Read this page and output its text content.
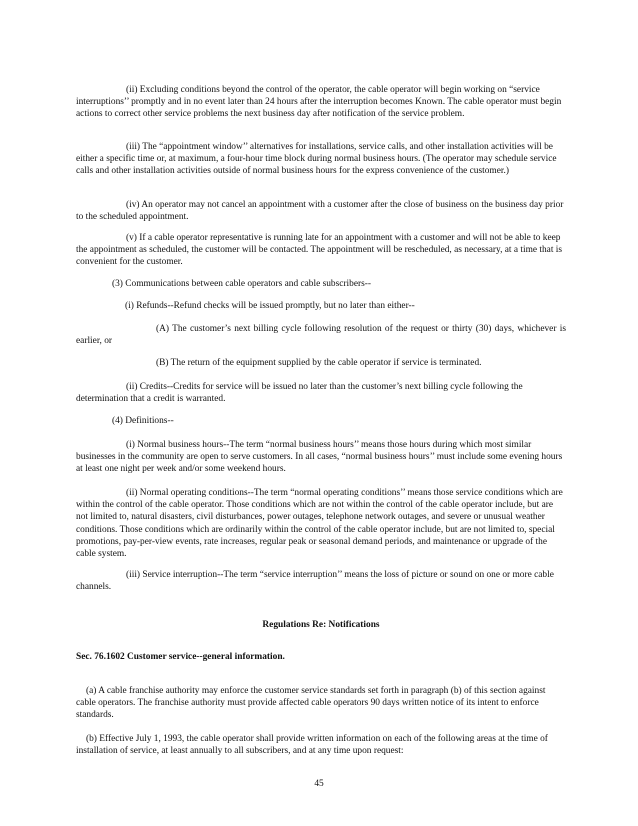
(ii) Excluding conditions beyond the control of the operator, the cable operator will begin working on “service interruptions’’ promptly and in no event later than 24 hours after the interruption becomes Known. The cable operator must begin actions to correct other service problems the next business day after notification of the service problem.

(iii) The “appointment window’’ alternatives for installations, service calls, and other installation activities will be either a specific time or, at maximum, a four-hour time block during normal business hours. (The operator may schedule service calls and other installation activities outside of normal business hours for the express convenience of the customer.)

(iv) An operator may not cancel an appointment with a customer after the close of business on the business day prior to the scheduled appointment.

(v) If a cable operator representative is running late for an appointment with a customer and will not be able to keep the appointment as scheduled, the customer will be contacted. The appointment will be rescheduled, as necessary, at a time that is convenient for the customer.

(3) Communications between cable operators and cable subscribers--

(i) Refunds--Refund checks will be issued promptly, but no later than either--

(A) The customer’s next billing cycle following resolution of the request or thirty (30) days, whichever is earlier, or

(B) The return of the equipment supplied by the cable operator if service is terminated.

(ii) Credits--Credits for service will be issued no later than the customer’s next billing cycle following the determination that a credit is warranted.

(4) Definitions--

(i) Normal business hours--The term “normal business hours’’ means those hours during which most similar businesses in the community are open to serve customers. In all cases, “normal business hours’’ must include some evening hours at least one night per week and/or some weekend hours.

(ii) Normal operating conditions--The term “normal operating conditions’’ means those service conditions which are within the control of the cable operator. Those conditions which are not within the control of the cable operator include, but are not limited to, natural disasters, civil disturbances, power outages, telephone network outages, and severe or unusual weather conditions. Those conditions which are ordinarily within the control of the cable operator include, but are not limited to, special promotions, pay-per-view events, rate increases, regular peak or seasonal demand periods, and maintenance or upgrade of the cable system.

(iii) Service interruption--The term “service interruption’’ means the loss of picture or sound on one or more cable channels.

Regulations Re: Notifications

Sec. 76.1602 Customer service--general information.

(a) A cable franchise authority may enforce the customer service standards set forth in paragraph (b) of this section against cable operators. The franchise authority must provide affected cable operators 90 days written notice of its intent to enforce standards.

(b) Effective July 1, 1993, the cable operator shall provide written information on each of the following areas at the time of installation of service, at least annually to all subscribers, and at any time upon request:

45
